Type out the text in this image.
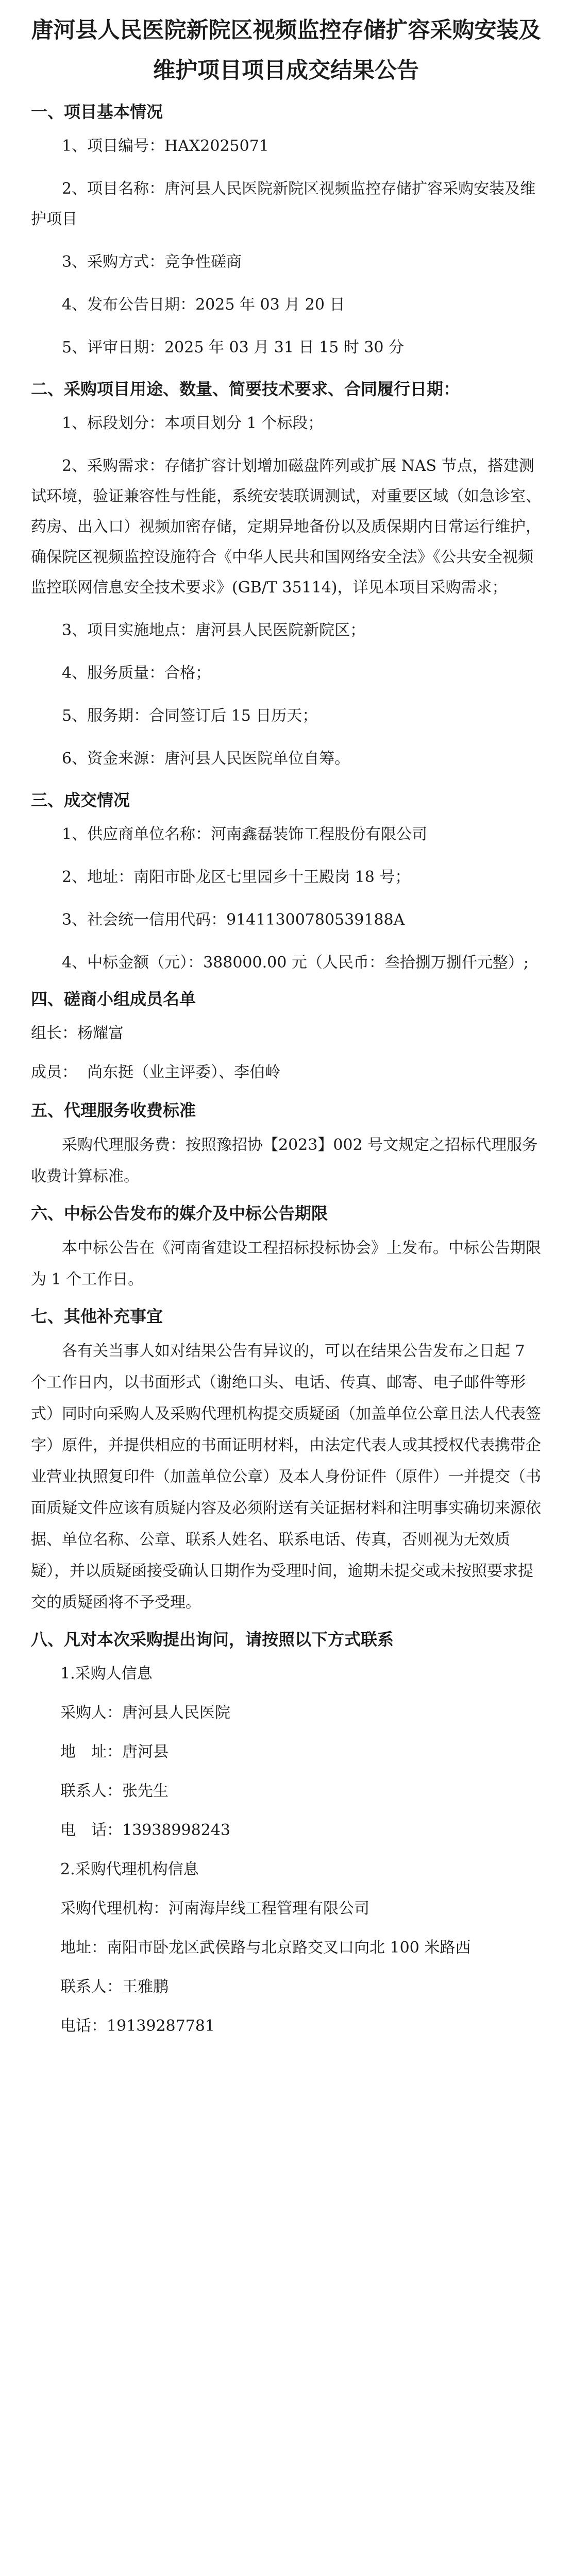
唐河县人民医院新院区视频监控存储扩容采购安装及
维护项目项目成交结果公告
一、项目基本情况
1、项目编号：HAX2025071
2、项目名称：唐河县人民医院新院区视频监控存储扩容采购安装及维护项目
3、采购方式：竞争性磋商
4、发布公告日期：2025 年 03 月 20 日
5、评审日期：2025 年 03 月 31 日 15 时 30 分
二、采购项目用途、数量、简要技术要求、合同履行日期：
1、标段划分：本项目划分 1 个标段；
2、采购需求：存储扩容计划增加磁盘阵列或扩展 NAS 节点，搭建测试环境，验证兼容性与性能，系统安装联调测试，对重要区域（如急诊室、药房、出入口）视频加密存储，定期异地备份以及质保期内日常运行维护，确保院区视频监控设施符合《中华人民共和国网络安全法》《公共安全视频监控联网信息安全技术要求》(GB/T 35114)，详见本项目采购需求；
3、项目实施地点：唐河县人民医院新院区；
4、服务质量：合格；
5、服务期：合同签订后 15 日历天；
6、资金来源：唐河县人民医院单位自筹。
三、成交情况
1、供应商单位名称：河南鑫磊装饰工程股份有限公司
2、地址：南阳市卧龙区七里园乡十王殿岗 18 号；
3、社会统一信用代码：91411300780539188A
4、中标金额（元）：388000.00 元（人民币：叁拾捌万捌仟元整）;
四、磋商小组成员名单
组长：杨耀富
成员：  尚东挺（业主评委）、李伯岭
五、代理服务收费标准
采购代理服务费：按照豫招协【2023】002 号文规定之招标代理服务收费计算标准。
六、中标公告发布的媒介及中标公告期限
本中标公告在《河南省建设工程招标投标协会》上发布。中标公告期限为 1 个工作日。
七、其他补充事宜
各有关当事人如对结果公告有异议的，可以在结果公告发布之日起 7 个工作日内，以书面形式（谢绝口头、电话、传真、邮寄、电子邮件等形式）同时向采购人及采购代理机构提交质疑函（加盖单位公章且法人代表签字）原件，并提供相应的书面证明材料，由法定代表人或其授权代表携带企业营业执照复印件（加盖单位公章）及本人身份证件（原件）一并提交（书面质疑文件应该有质疑内容及必须附送有关证据材料和注明事实确切来源依据、单位名称、公章、联系人姓名、联系电话、传真，否则视为无效质疑），并以质疑函接受确认日期作为受理时间，逾期未提交或未按照要求提交的质疑函将不予受理。
八、凡对本次采购提出询问，请按照以下方式联系
1.采购人信息
采购人：唐河县人民医院
地　址：唐河县
联系人：张先生
电　话：13938998243
2.采购代理机构信息
采购代理机构：河南海岸线工程管理有限公司
地址：南阳市卧龙区武侯路与北京路交叉口向北 100 米路西
联系人：王雅鹏
电话：19139287781
